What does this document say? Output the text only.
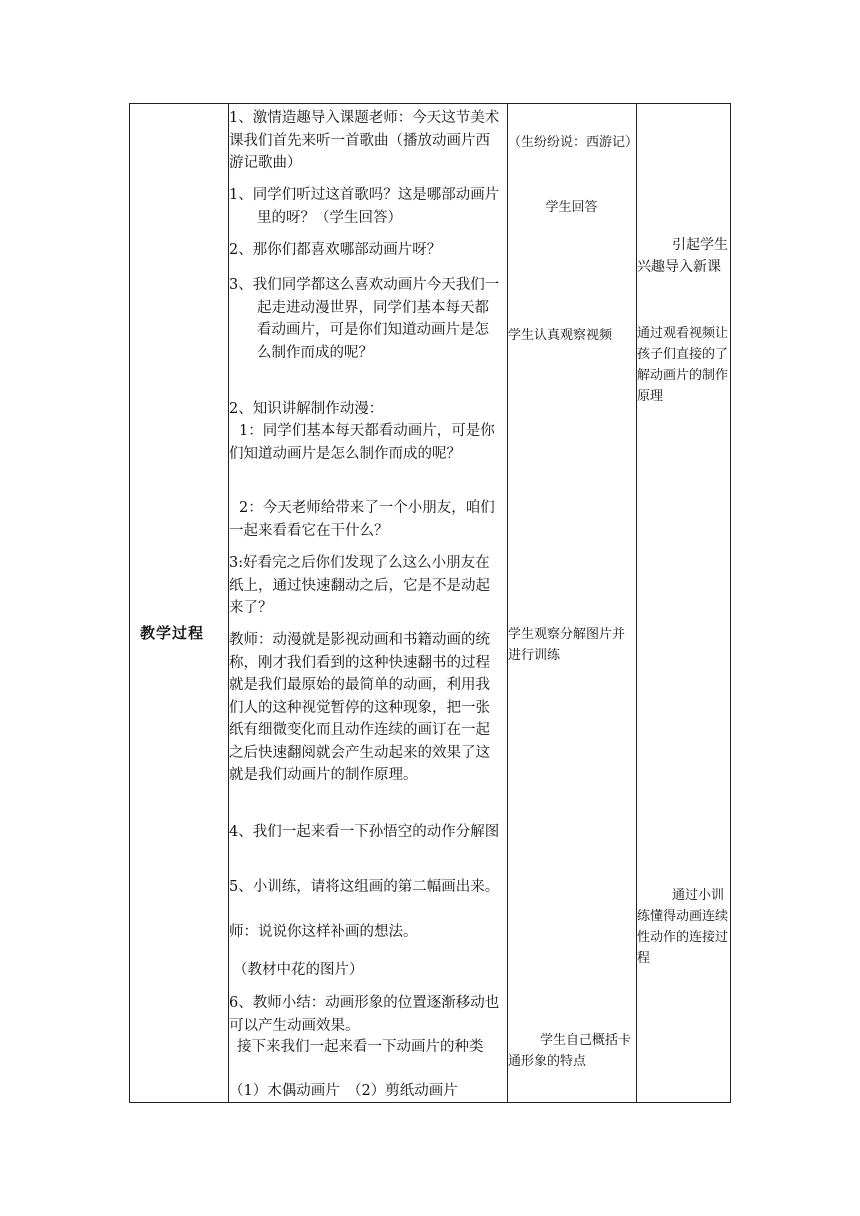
教学过程

1、激情造趣导入课题老师：今天这节美术课我们首先来听一首歌曲（播放动画片西游记歌曲）

1、同学们听过这首歌吗？这是哪部动画片里的呀？（学生回答）

2、那你们都喜欢哪部动画片呀？

3、我们同学都这么喜欢动画片今天我们一起走进动漫世界，同学们基本每天都看动画片，可是你们知道动画片是怎么制作而成的呢？

2、知识讲解制作动漫：

1：同学们基本每天都看动画片，可是你们知道动画片是怎么制作而成的呢？

2：今天老师给带来了一个小朋友，咱们一起来看看它在干什么？

3:好看完之后你们发现了么这么小朋友在纸上，通过快速翻动之后，它是不是动起来了？

教师：动漫就是影视动画和书籍动画的统称，刚才我们看到的这种快速翻书的过程就是我们最原始的最简单的动画，利用我们人的这种视觉暂停的这种现象，把一张纸有细微变化而且动作连续的画订在一起之后快速翻阅就会产生动起来的效果了这就是我们动画片的制作原理。

4、我们一起来看一下孙悟空的动作分解图

5、小训练，请将这组画的第二幅画出来。

师：说说你这样补画的想法。

（教材中花的图片）

6、教师小结：动画形象的位置逐渐移动也可以产生动画效果。

接下来我们一起来看一下动画片的种类

（1）木偶动画片　（2）剪纸动画片

（生纷纷说：西游记）

学生回答

学生认真观察视频

学生观察分解图片并进行训练

学生自己概括卡通形象的特点

引起学生兴趣导入新课

通过观看视频让孩子们直接的了解动画片的制作原理

通过小训练懂得动画连续性动作的连接过程
